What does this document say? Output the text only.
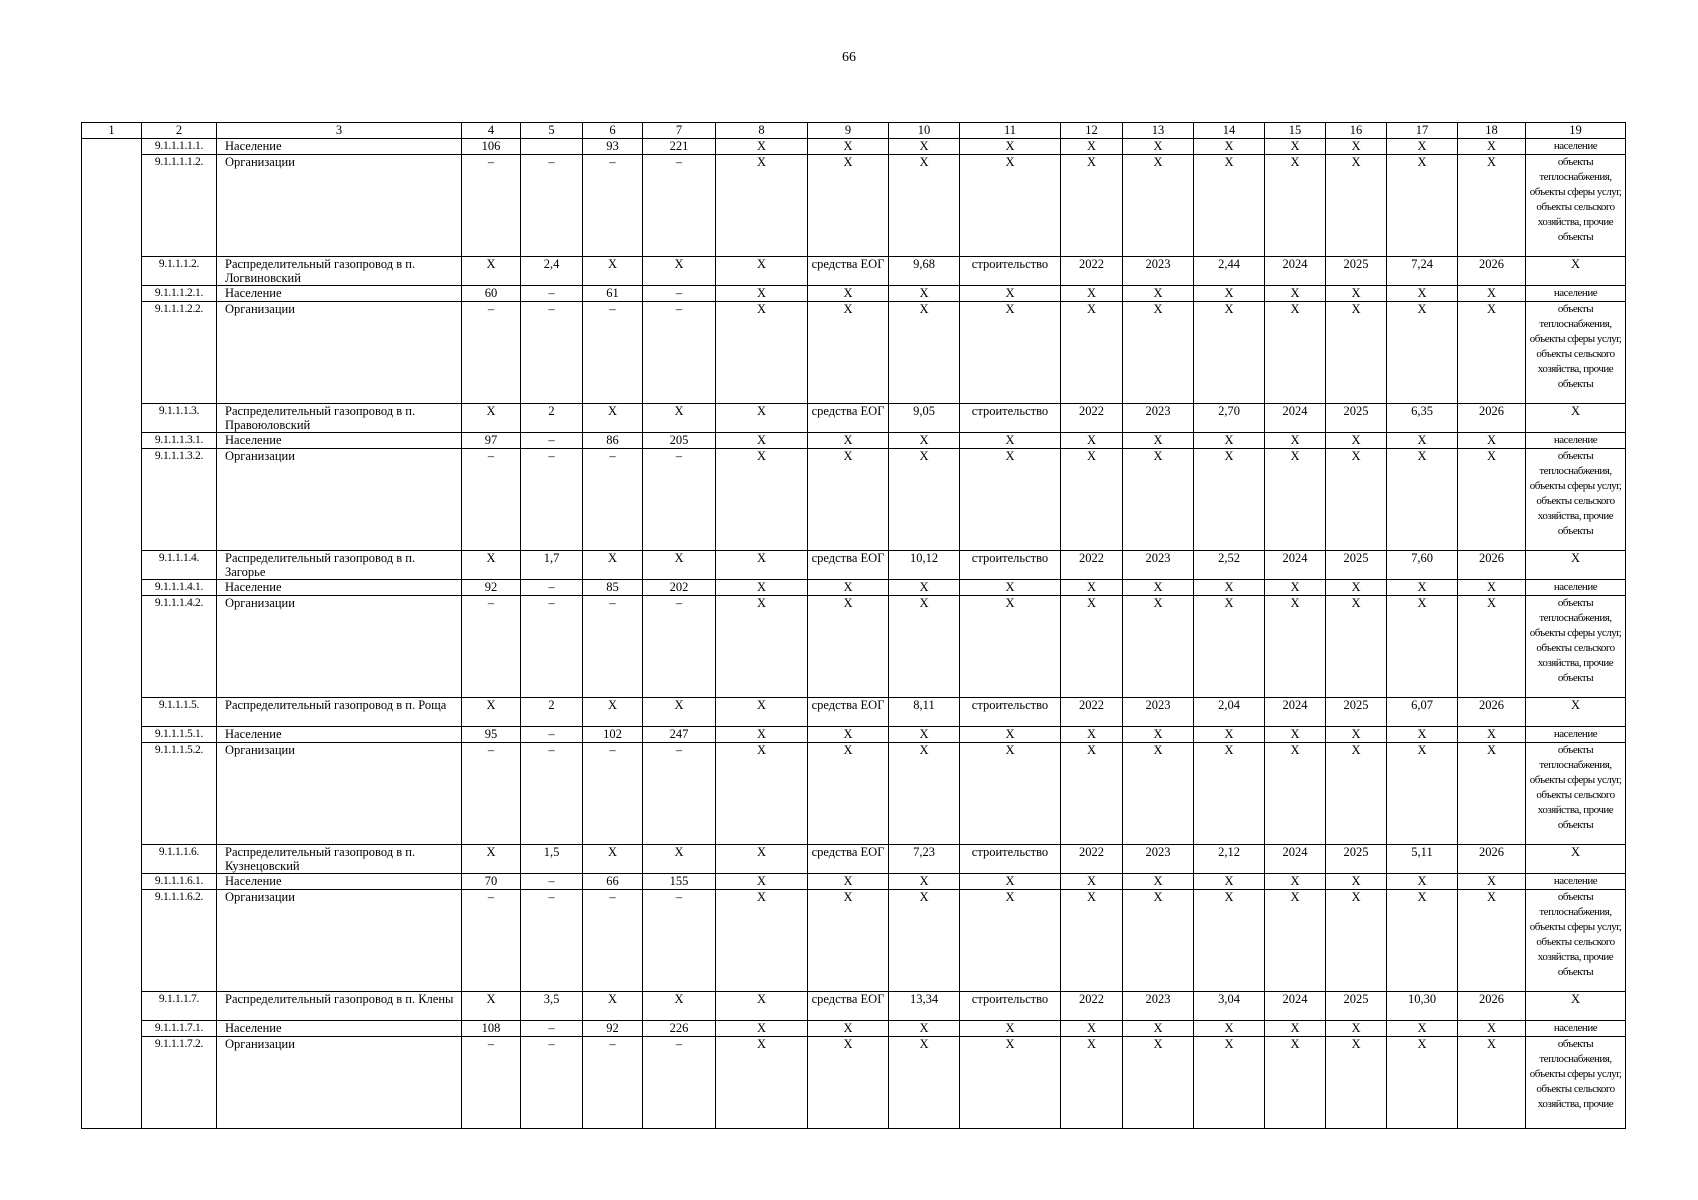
66
1	2	3	4	5	6	7	8	9	10	11	12	13	14	15	16	17	18	19
	9.1.1.1.1.1.	Население	106		93	221	Х	Х	Х	Х	Х	Х	Х	Х	Х	Х	Х	население
	9.1.1.1.1.2.	Организации	–	–	–	–	Х	Х	Х	Х	Х	Х	Х	Х	Х	Х	Х	объекты теплоснабжения, объекты сферы услуг, объекты сельского хозяйства, прочие объекты
	9.1.1.1.2.	Распределительный газопровод в п. Логвиновский	Х	2,4	Х	Х	Х	средства ЕОГ	9,68	строительство	2022	2023	2,44	2024	2025	7,24	2026	Х
	9.1.1.1.2.1.	Население	60	–	61	–	Х	Х	Х	Х	Х	Х	Х	Х	Х	Х	Х	население
	9.1.1.1.2.2.	Организации	–	–	–	–	Х	Х	Х	Х	Х	Х	Х	Х	Х	Х	Х	объекты теплоснабжения, объекты сферы услуг, объекты сельского хозяйства, прочие объекты
	9.1.1.1.3.	Распределительный газопровод в п. Правоюловский	Х	2	Х	Х	Х	средства ЕОГ	9,05	строительство	2022	2023	2,70	2024	2025	6,35	2026	Х
	9.1.1.1.3.1.	Население	97	–	86	205	Х	Х	Х	Х	Х	Х	Х	Х	Х	Х	Х	население
	9.1.1.1.3.2.	Организации	–	–	–	–	Х	Х	Х	Х	Х	Х	Х	Х	Х	Х	Х	объекты теплоснабжения, объекты сферы услуг, объекты сельского хозяйства, прочие объекты
	9.1.1.1.4.	Распределительный газопровод в п. Загорье	Х	1,7	Х	Х	Х	средства ЕОГ	10,12	строительство	2022	2023	2,52	2024	2025	7,60	2026	Х
	9.1.1.1.4.1.	Население	92	–	85	202	Х	Х	Х	Х	Х	Х	Х	Х	Х	Х	Х	население
	9.1.1.1.4.2.	Организации	–	–	–	–	Х	Х	Х	Х	Х	Х	Х	Х	Х	Х	Х	объекты теплоснабжения, объекты сферы услуг, объекты сельского хозяйства, прочие объекты
	9.1.1.1.5.	Распределительный газопровод в п. Роща	Х	2	Х	Х	Х	средства ЕОГ	8,11	строительство	2022	2023	2,04	2024	2025	6,07	2026	Х
	9.1.1.1.5.1.	Население	95	–	102	247	Х	Х	Х	Х	Х	Х	Х	Х	Х	Х	Х	население
	9.1.1.1.5.2.	Организации	–	–	–	–	Х	Х	Х	Х	Х	Х	Х	Х	Х	Х	Х	объекты теплоснабжения, объекты сферы услуг, объекты сельского хозяйства, прочие объекты
	9.1.1.1.6.	Распределительный газопровод в п. Кузнецовский	Х	1,5	Х	Х	Х	средства ЕОГ	7,23	строительство	2022	2023	2,12	2024	2025	5,11	2026	Х
	9.1.1.1.6.1.	Население	70	–	66	155	Х	Х	Х	Х	Х	Х	Х	Х	Х	Х	Х	население
	9.1.1.1.6.2.	Организации	–	–	–	–	Х	Х	Х	Х	Х	Х	Х	Х	Х	Х	Х	объекты теплоснабжения, объекты сферы услуг, объекты сельского хозяйства, прочие объекты
	9.1.1.1.7.	Распределительный газопровод в п. Клены	Х	3,5	Х	Х	Х	средства ЕОГ	13,34	строительство	2022	2023	3,04	2024	2025	10,30	2026	Х
	9.1.1.1.7.1.	Население	108	–	92	226	Х	Х	Х	Х	Х	Х	Х	Х	Х	Х	Х	население
	9.1.1.1.7.2.	Организации	–	–	–	–	Х	Х	Х	Х	Х	Х	Х	Х	Х	Х	Х	объекты теплоснабжения, объекты сферы услуг, объекты сельского хозяйства, прочие
